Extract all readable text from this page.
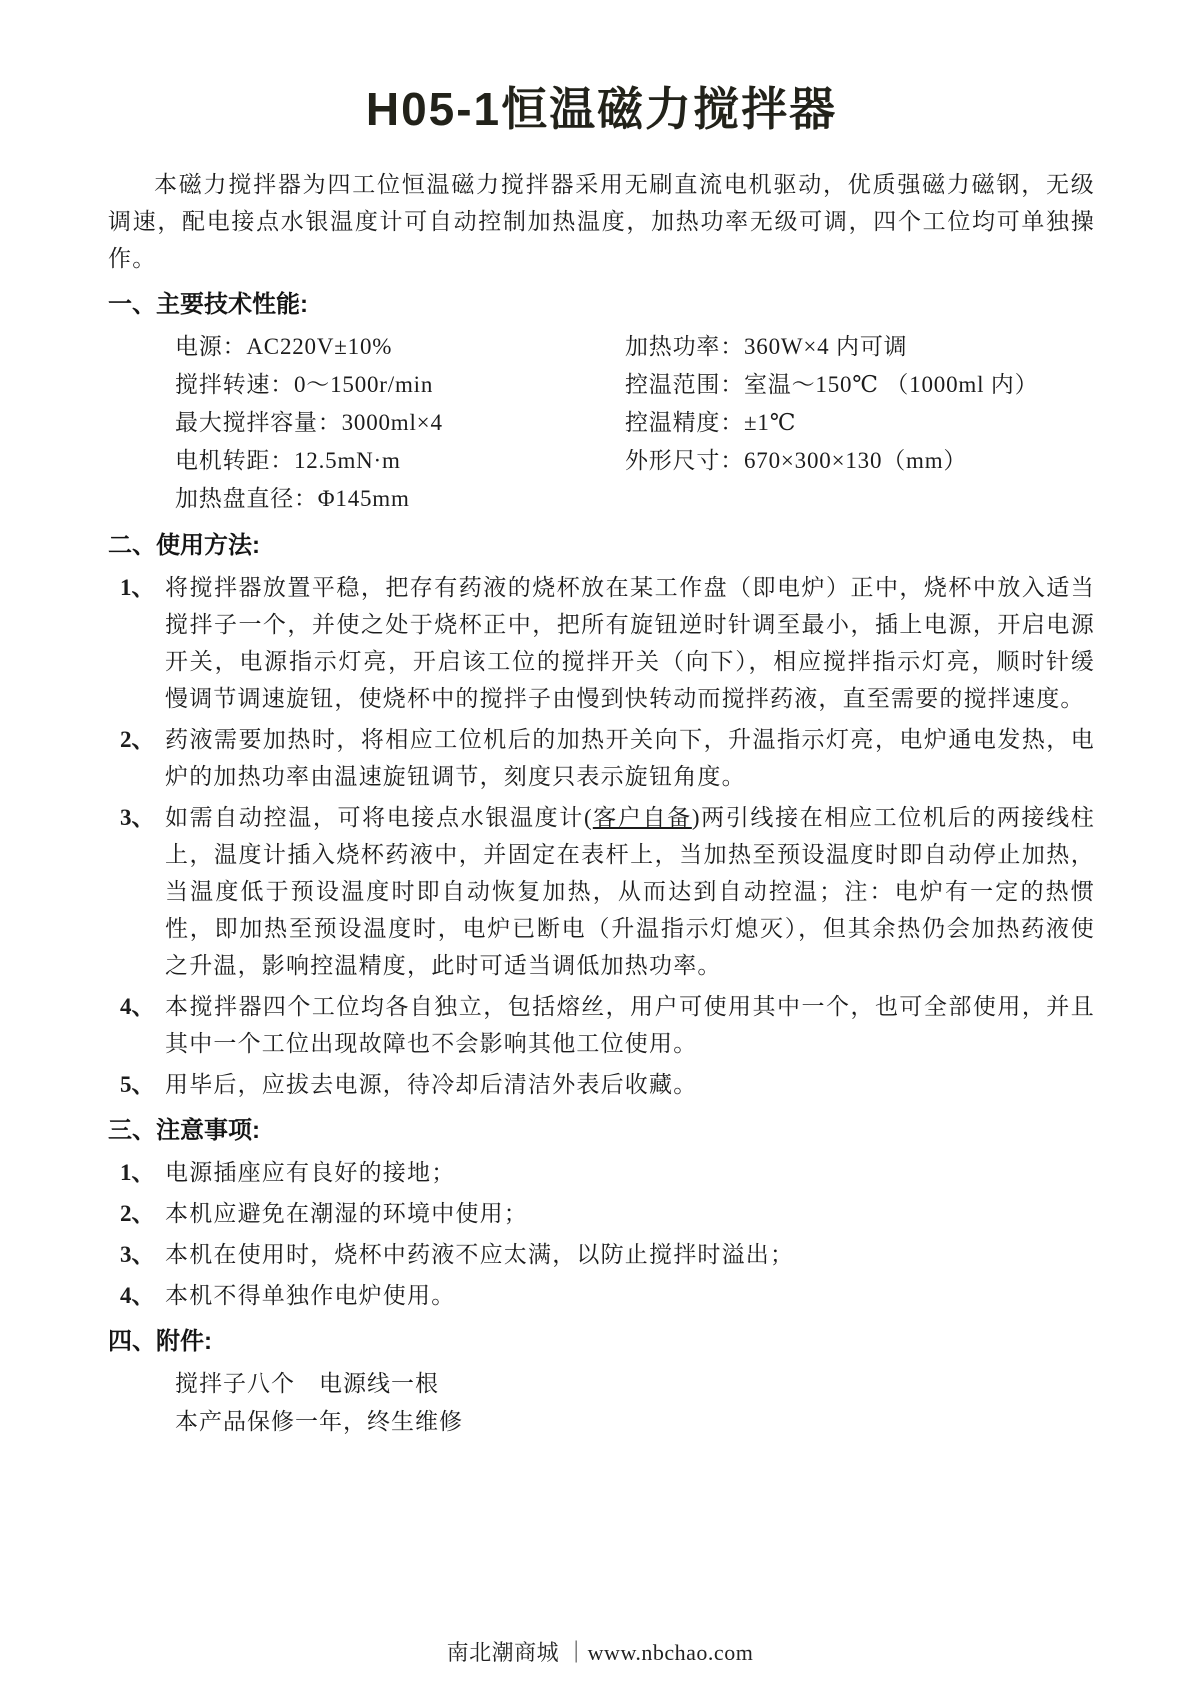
H05-1恒温磁力搅拌器

本磁力搅拌器为四工位恒温磁力搅拌器采用无刷直流电机驱动，优质强磁力磁钢，无级调速，配电接点水银温度计可自动控制加热温度，加热功率无级可调，四个工位均可单独操作。

一、主要技术性能:
电源：AC220V±10%
搅拌转速：0～1500r/min
最大搅拌容量：3000ml×4
电机转距：12.5mN·m
加热盘直径：Φ145mm
加热功率：360W×4 内可调
控温范围：室温～150℃ （1000ml 内）
控温精度：±1℃
外形尺寸：670×300×130（mm）
二、使用方法:
1、 将搅拌器放置平稳，把存有药液的烧杯放在某工作盘（即电炉）正中，烧杯中放入适当搅拌子一个，并使之处于烧杯正中，把所有旋钮逆时针调至最小，插上电源，开启电源开关，电源指示灯亮，开启该工位的搅拌开关（向下），相应搅拌指示灯亮，顺时针缓慢调节调速旋钮，使烧杯中的搅拌子由慢到快转动而搅拌药液，直至需要的搅拌速度。
2、 药液需要加热时，将相应工位机后的加热开关向下，升温指示灯亮，电炉通电发热，电炉的加热功率由温速旋钮调节，刻度只表示旋钮角度。
3、 如需自动控温，可将电接点水银温度计(客户自备)两引线接在相应工位机后的两接线柱上，温度计插入烧杯药液中，并固定在表杆上，当加热至预设温度时即自动停止加热，当温度低于预设温度时即自动恢复加热，从而达到自动控温；注：电炉有一定的热惯性，即加热至预设温度时，电炉已断电（升温指示灯熄灭），但其余热仍会加热药液使之升温，影响控温精度，此时可适当调低加热功率。
4、 本搅拌器四个工位均各自独立，包括熔丝，用户可使用其中一个，也可全部使用，并且其中一个工位出现故障也不会影响其他工位使用。
5、 用毕后，应拔去电源，待冷却后清洁外表后收藏。
三、注意事项:
1、 电源插座应有良好的接地；
2、 本机应避免在潮湿的环境中使用；
3、 本机在使用时，烧杯中药液不应太满，以防止搅拌时溢出；
4、 本机不得单独作电炉使用。
四、附件:
搅拌子八个　电源线一根
本产品保修一年，终生维修
南北潮商城 ｜www.nbchao.com
